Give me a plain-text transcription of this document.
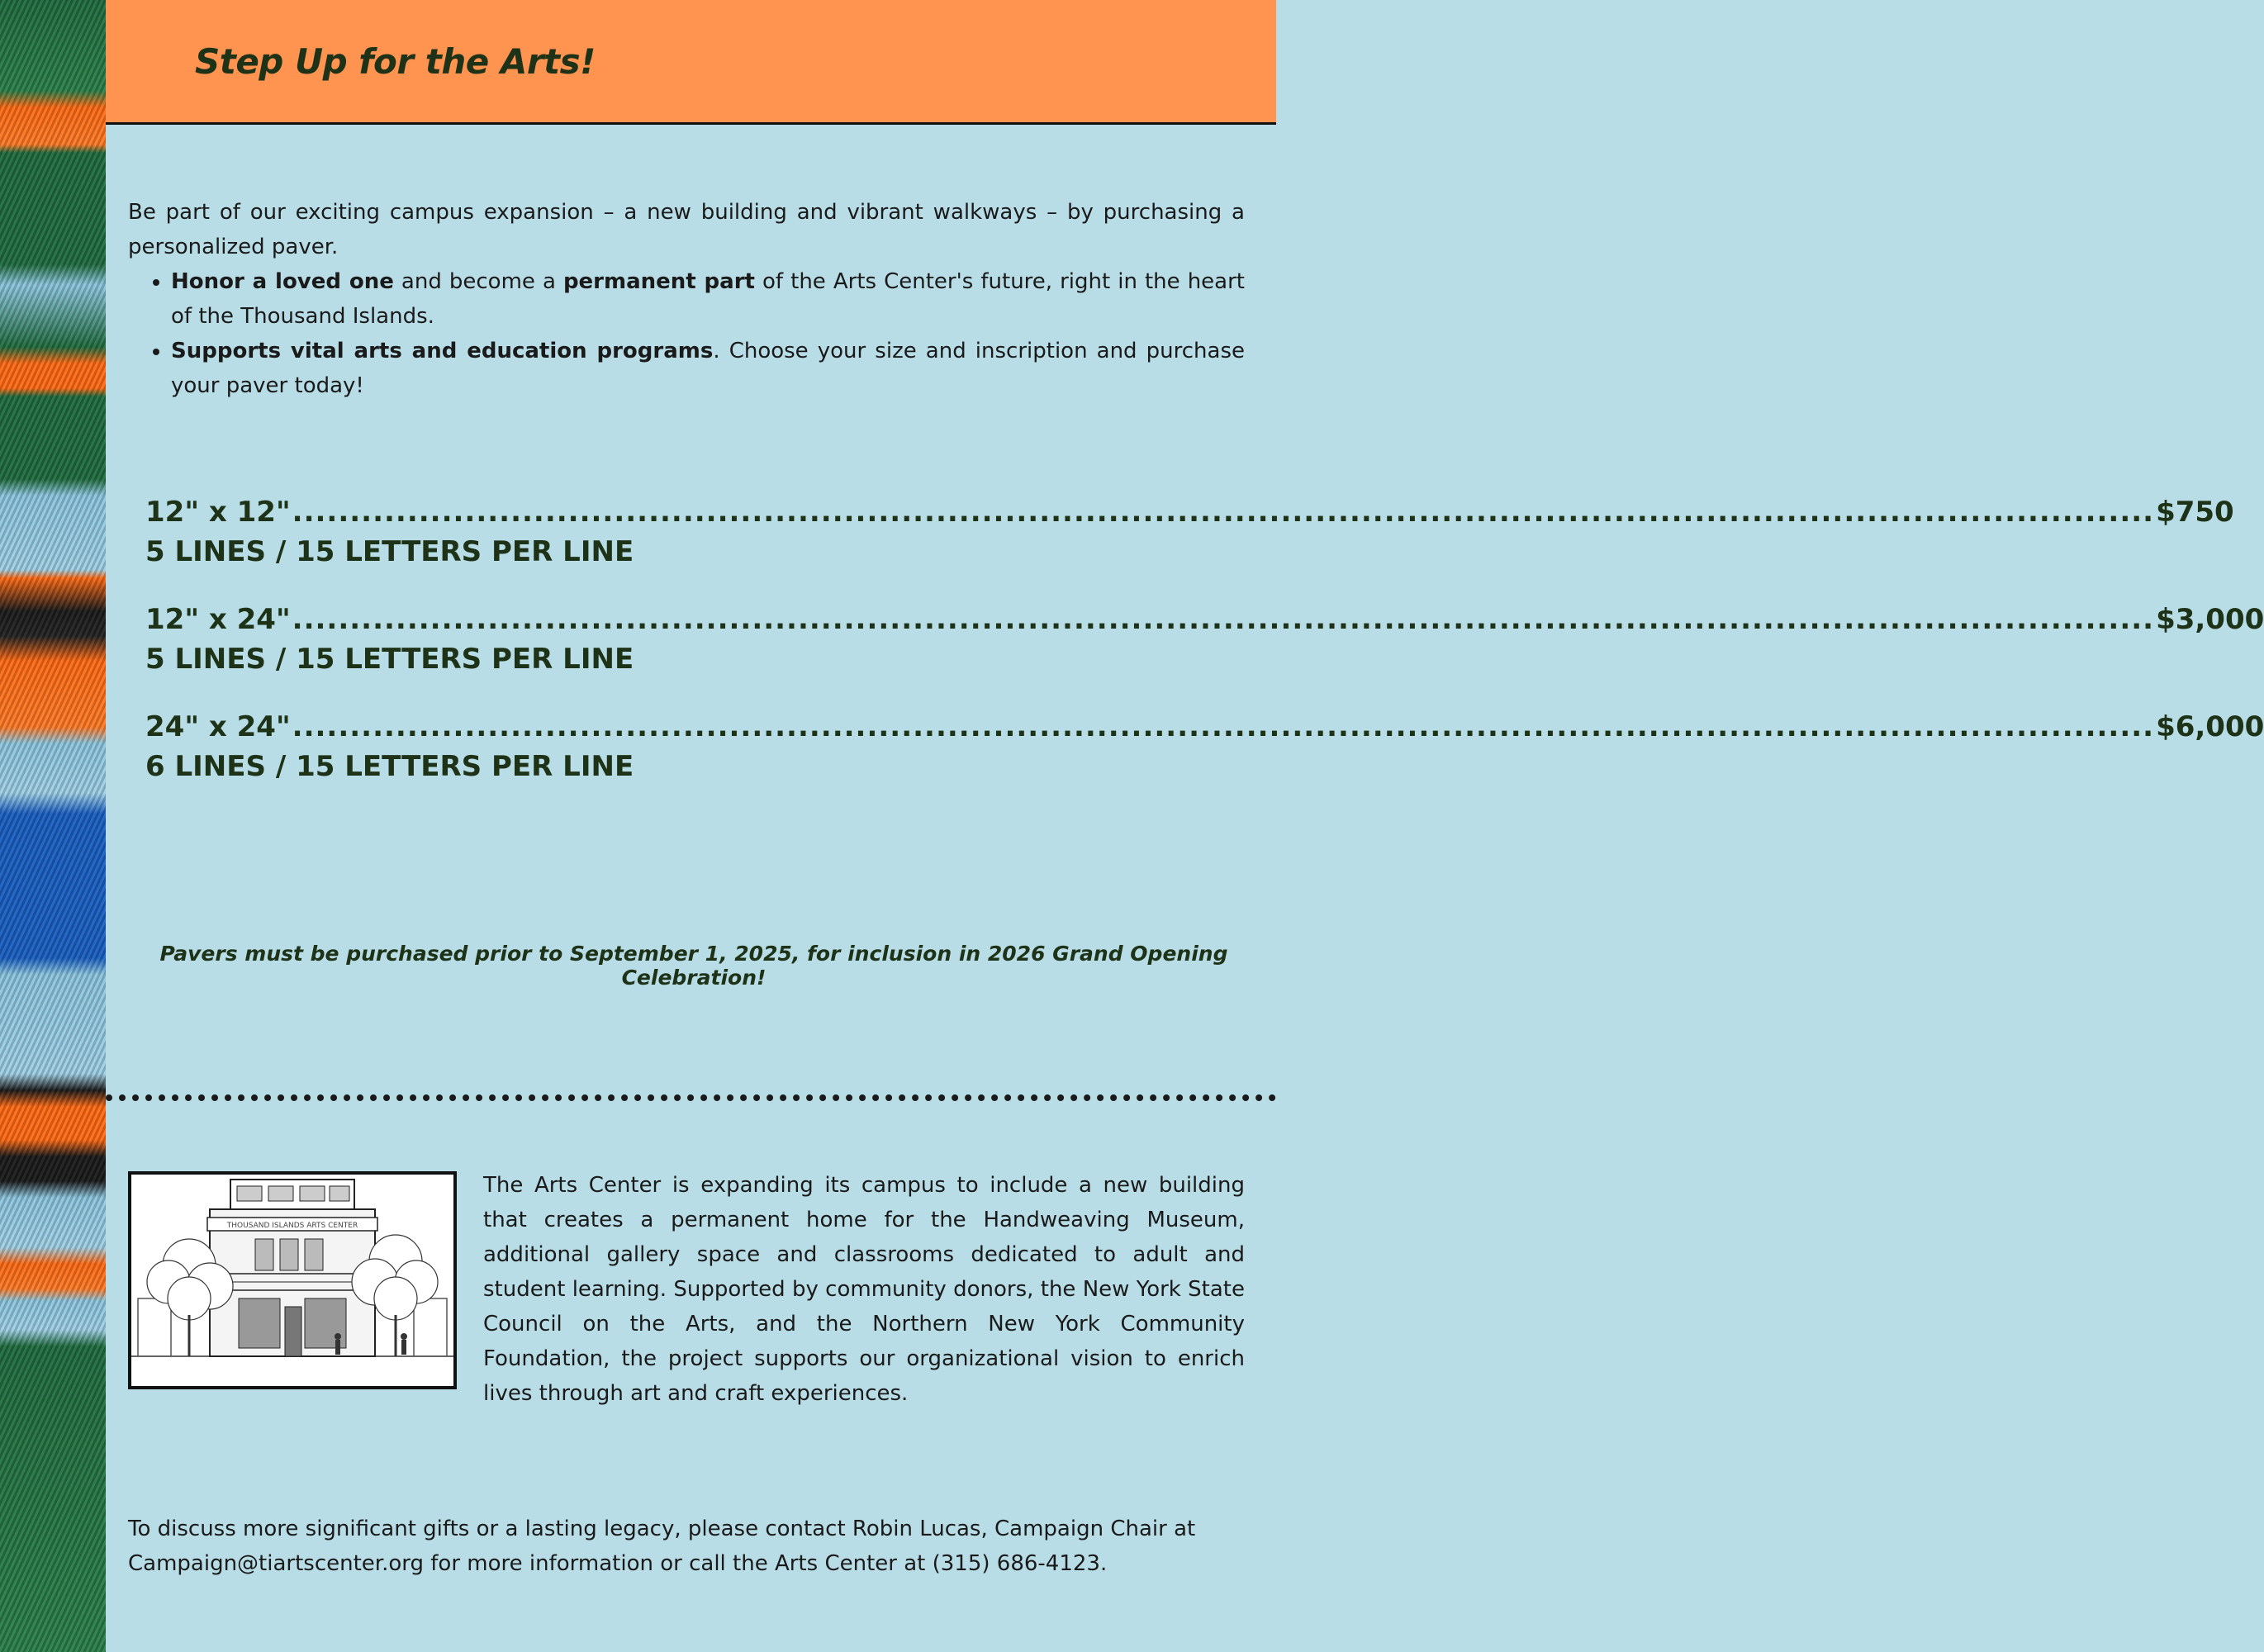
Step Up for the Arts!

Be part of our exciting campus expansion – a new building and vibrant walkways – by purchasing a personalized paver.

• Honor a loved one and become a permanent part of the Arts Center's future, right in the heart of the Thousand Islands.
• Supports vital arts and education programs. Choose your size and inscription and purchase your paver today!
12" x 12" .................................................................................................................................................................. $750
5 LINES / 15 LETTERS PER LINE
12" x 24" .................................................................................................................................................................. $3,000
5 LINES / 15 LETTERS PER LINE
24" x 24" .................................................................................................................................................................. $6,000
6 LINES / 15 LETTERS PER LINE
Pavers must be purchased prior to September 1, 2025, for inclusion in 2026 Grand Opening Celebration!
THOUSAND ISLANDS ARTS CENTER

The Arts Center is expanding its campus to include a new building that creates a permanent home for the Handweaving Museum, additional gallery space and classrooms dedicated to adult and student learning. Supported by community donors, the New York State Council on the Arts, and the Northern New York Community Foundation, the project supports our organizational vision to enrich lives through art and craft experiences.

To discuss more significant gifts or a lasting legacy, please contact Robin Lucas, Campaign Chair at Campaign@tiartscenter.org for more information or call the Arts Center at (315) 686-4123.
